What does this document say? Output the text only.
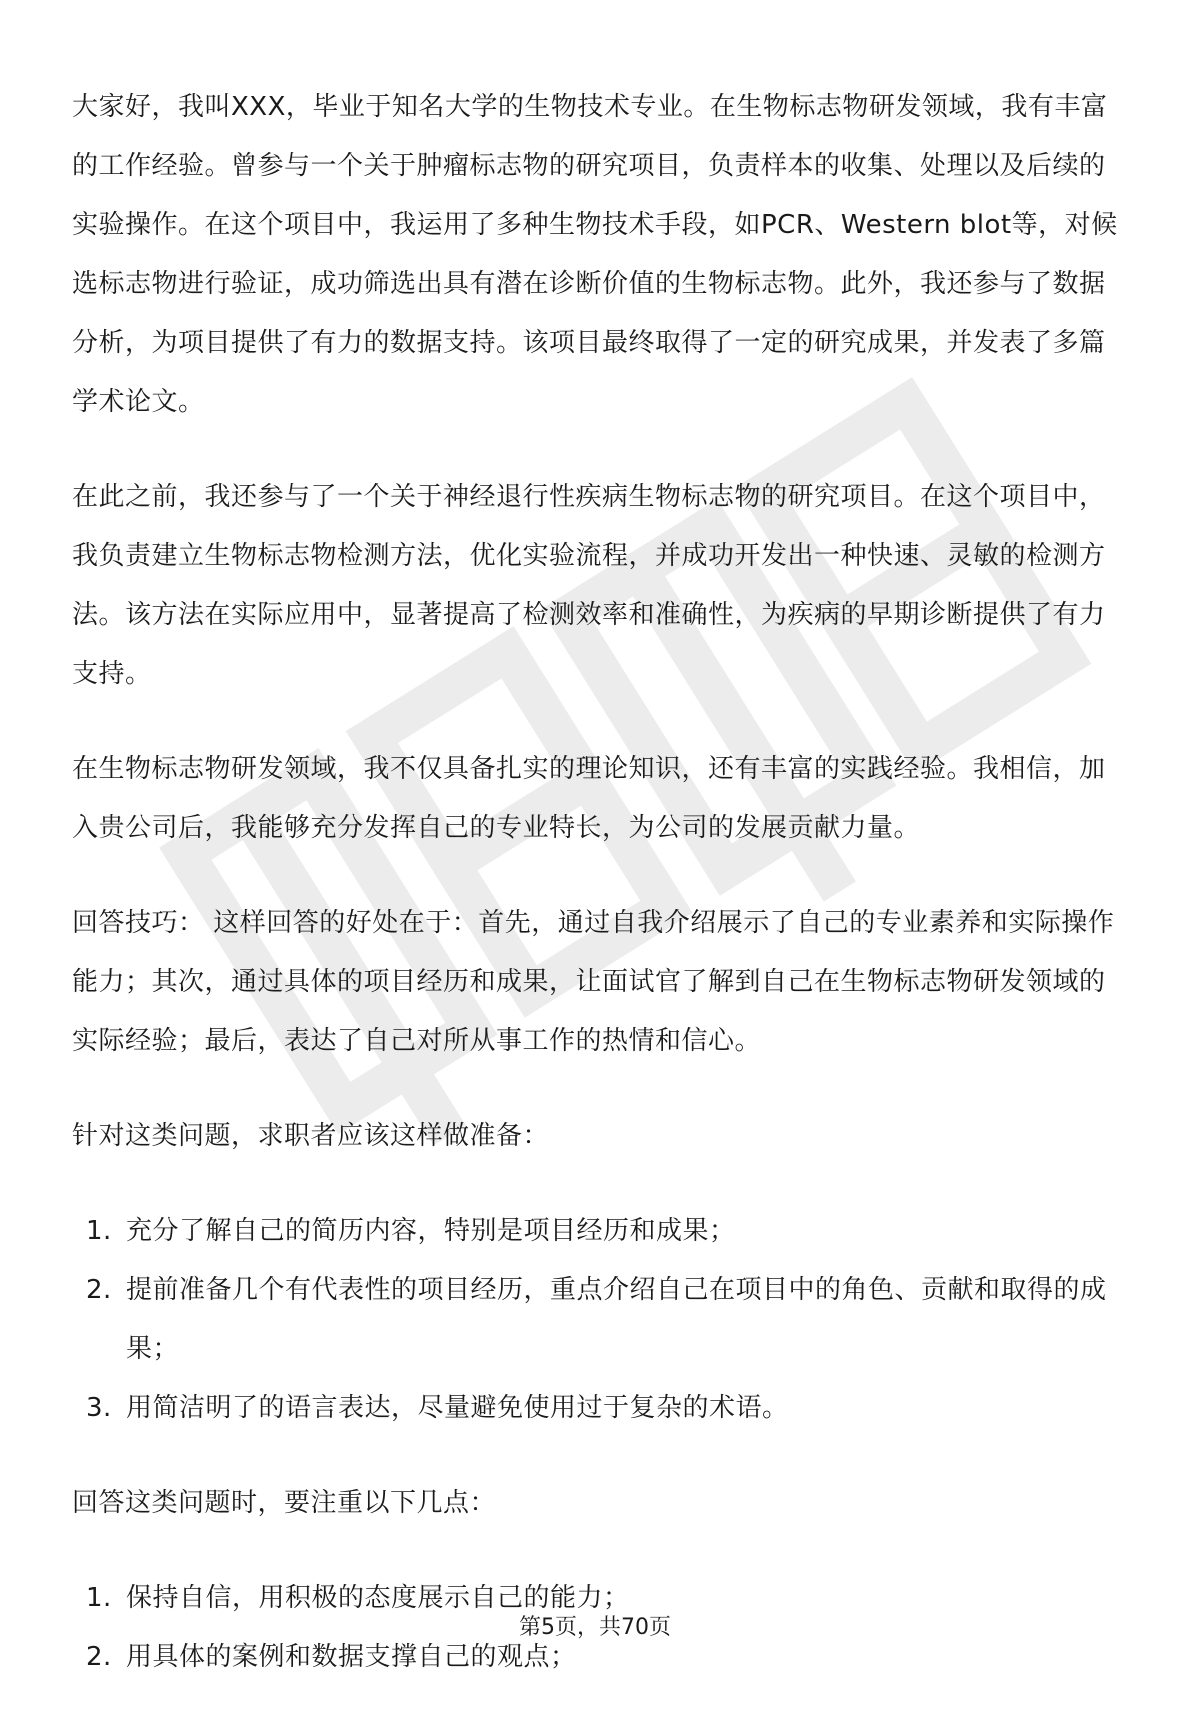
大家好，我叫XXX，毕业于知名大学的生物技术专业。在生物标志物研发领域，我有丰富的工作经验。曾参与一个关于肿瘤标志物的研究项目，负责样本的收集、处理以及后续的实验操作。在这个项目中，我运用了多种生物技术手段，如PCR、Western blot等，对候选标志物进行验证，成功筛选出具有潜在诊断价值的生物标志物。此外，我还参与了数据分析，为项目提供了有力的数据支持。该项目最终取得了一定的研究成果，并发表了多篇学术论文。

在此之前，我还参与了一个关于神经退行性疾病生物标志物的研究项目。在这个项目中，我负责建立生物标志物检测方法，优化实验流程，并成功开发出一种快速、灵敏的检测方法。该方法在实际应用中，显著提高了检测效率和准确性，为疾病的早期诊断提供了有力支持。

在生物标志物研发领域，我不仅具备扎实的理论知识，还有丰富的实践经验。我相信，加入贵公司后，我能够充分发挥自己的专业特长，为公司的发展贡献力量。

回答技巧： 这样回答的好处在于：首先，通过自我介绍展示了自己的专业素养和实际操作能力；其次，通过具体的项目经历和成果，让面试官了解到自己在生物标志物研发领域的实际经验；最后，表达了自己对所从事工作的热情和信心。

针对这类问题，求职者应该这样做准备：

1. 充分了解自己的简历内容，特别是项目经历和成果；
2. 提前准备几个有代表性的项目经历，重点介绍自己在项目中的角色、贡献和取得的成果；
3. 用简洁明了的语言表达，尽量避免使用过于复杂的术语。

回答这类问题时，要注重以下几点：

1. 保持自信，用积极的态度展示自己的能力；
2. 用具体的案例和数据支撑自己的观点；
第5页，共70页
